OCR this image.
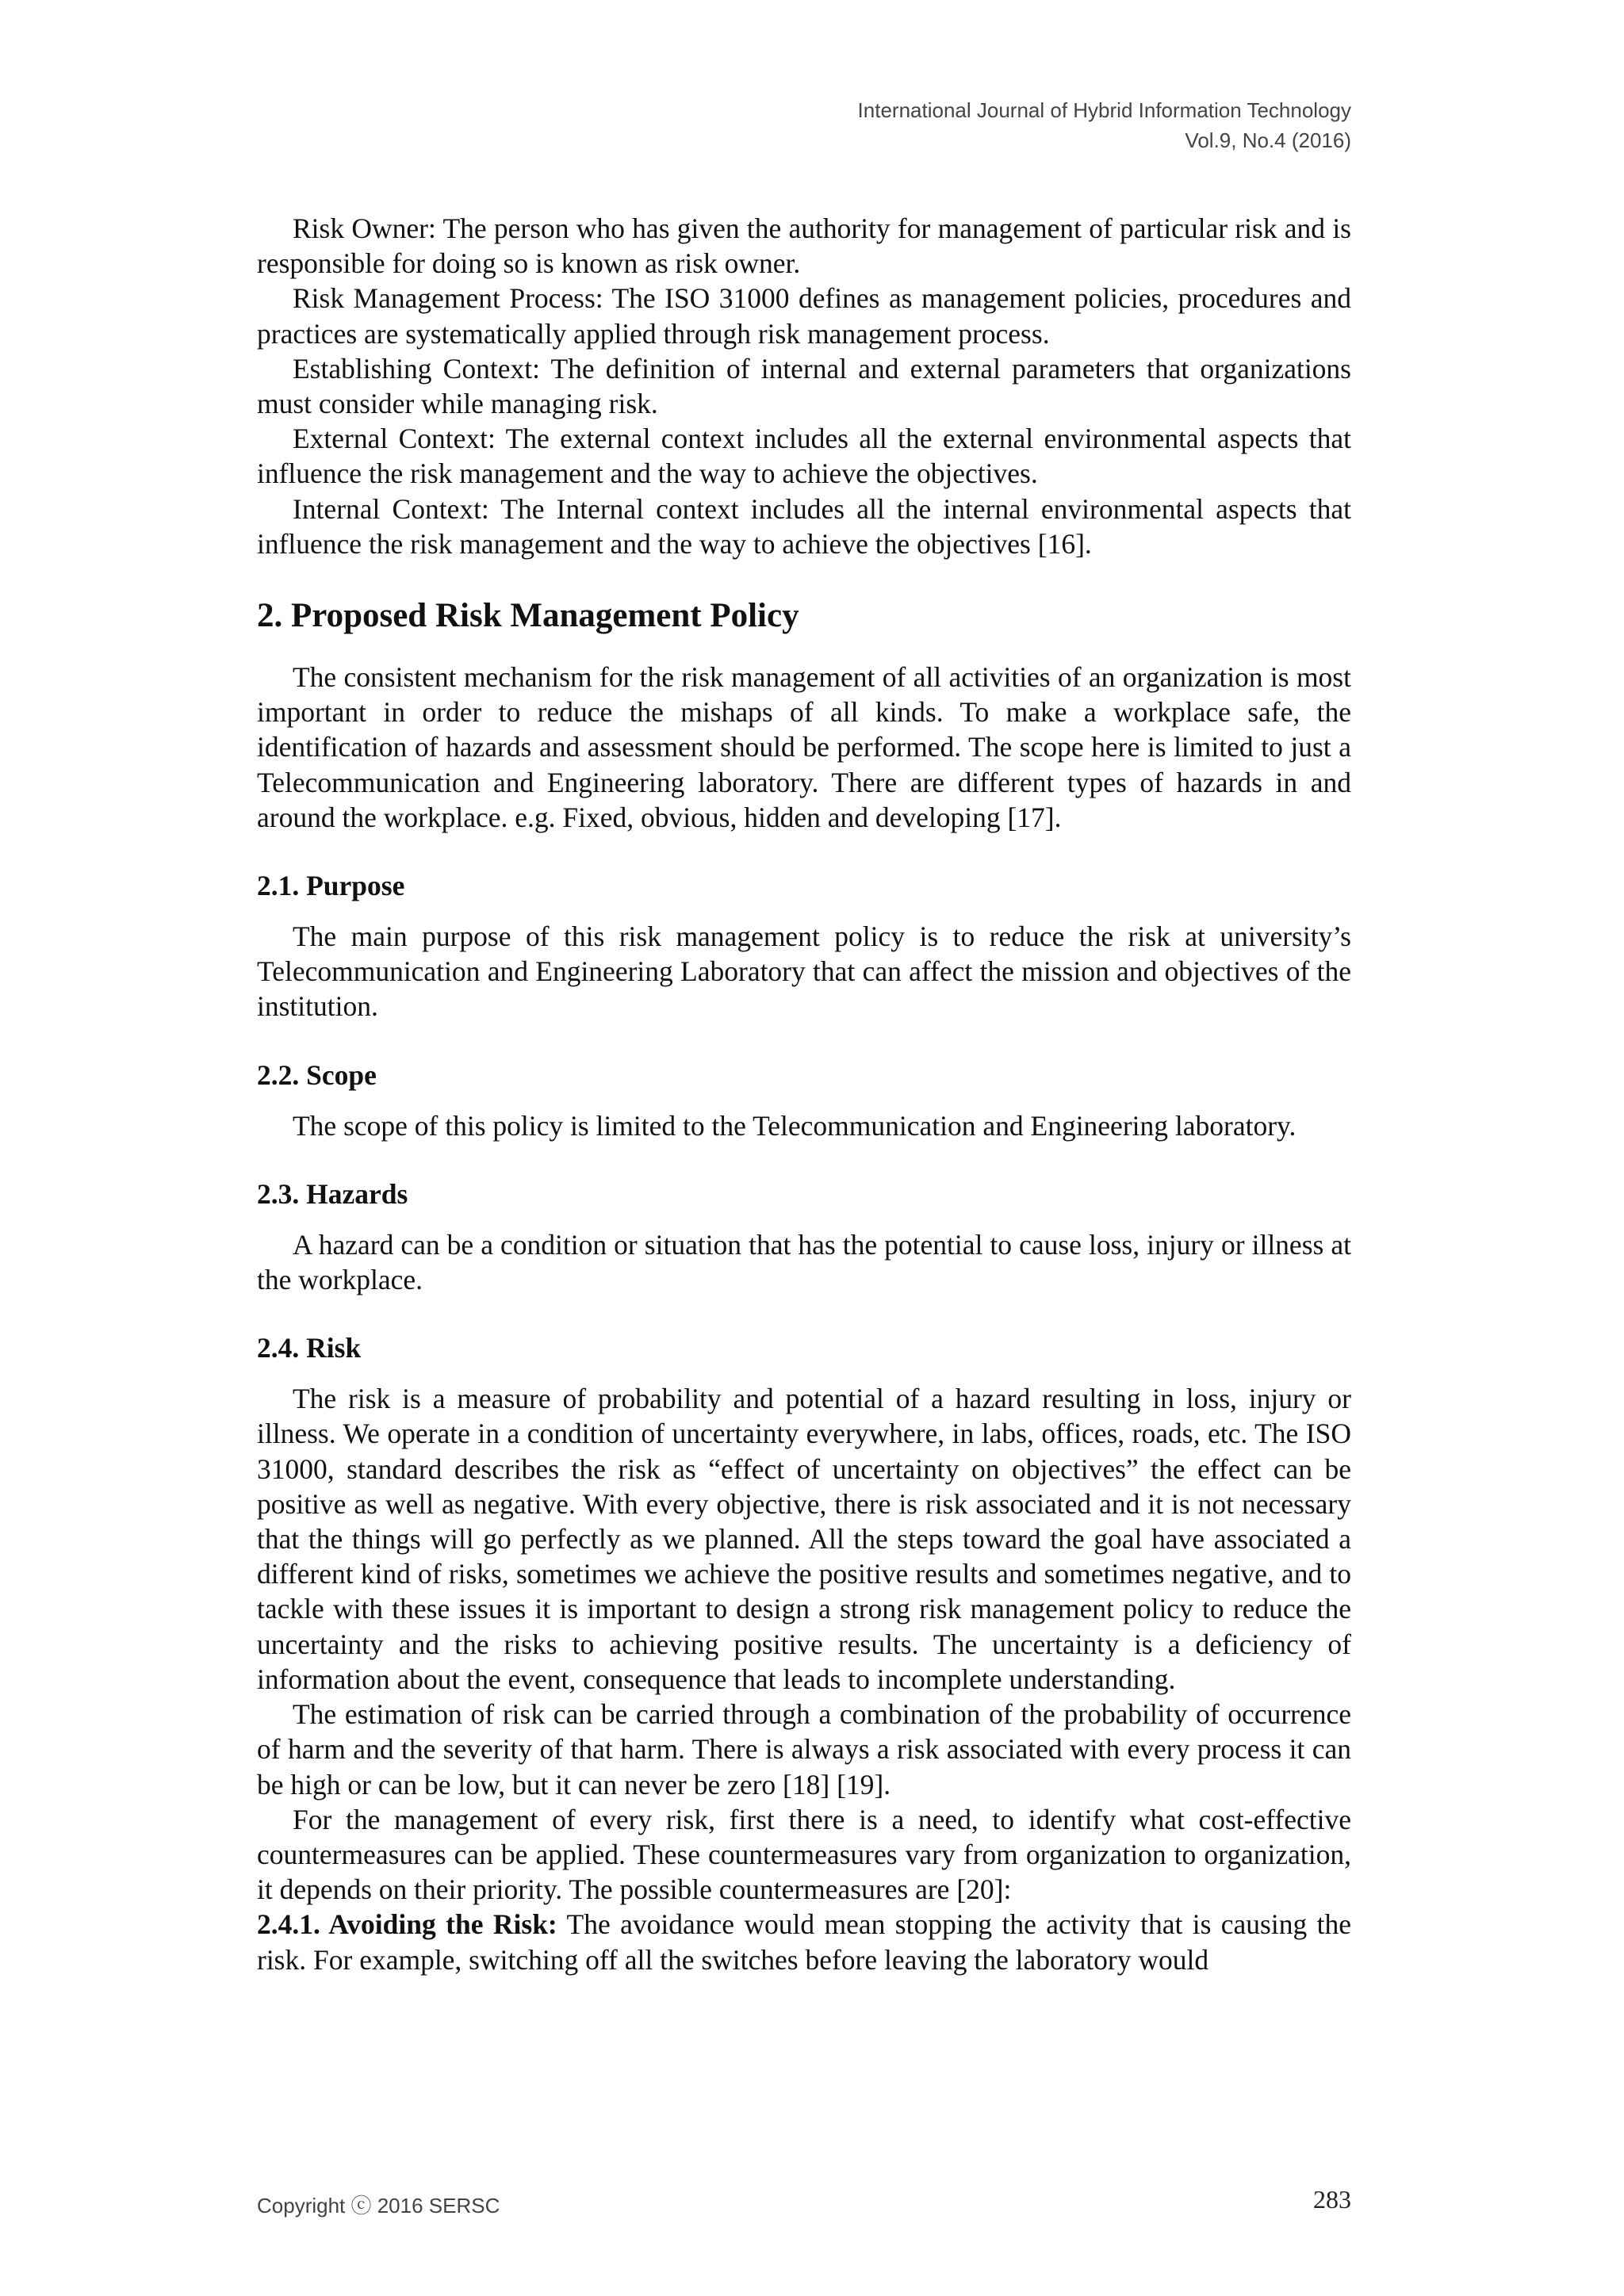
International Journal of Hybrid Information Technology
Vol.9, No.4 (2016)

Risk Owner: The person who has given the authority for management of particular risk and is responsible for doing so is known as risk owner.

Risk Management Process: The ISO 31000 defines as management policies, procedures and practices are systematically applied through risk management process.

Establishing Context: The definition of internal and external parameters that organizations must consider while managing risk.

External Context: The external context includes all the external environmental aspects that influence the risk management and the way to achieve the objectives.

Internal Context: The Internal context includes all the internal environmental aspects that influence the risk management and the way to achieve the objectives [16].

2. Proposed Risk Management Policy

The consistent mechanism for the risk management of all activities of an organization is most important in order to reduce the mishaps of all kinds. To make a workplace safe, the identification of hazards and assessment should be performed. The scope here is limited to just a Telecommunication and Engineering laboratory. There are different types of hazards in and around the workplace. e.g. Fixed, obvious, hidden and developing [17].

2.1. Purpose

The main purpose of this risk management policy is to reduce the risk at university’s Telecommunication and Engineering Laboratory that can affect the mission and objectives of the institution.

2.2. Scope

The scope of this policy is limited to the Telecommunication and Engineering laboratory.

2.3. Hazards

A hazard can be a condition or situation that has the potential to cause loss, injury or illness at the workplace.

2.4. Risk

The risk is a measure of probability and potential of a hazard resulting in loss, injury or illness. We operate in a condition of uncertainty everywhere, in labs, offices, roads, etc. The ISO 31000, standard describes the risk as “effect of uncertainty on objectives” the effect can be positive as well as negative. With every objective, there is risk associated and it is not necessary that the things will go perfectly as we planned. All the steps toward the goal have associated a different kind of risks, sometimes we achieve the positive results and sometimes negative, and to tackle with these issues it is important to design a strong risk management policy to reduce the uncertainty and the risks to achieving positive results. The uncertainty is a deficiency of information about the event, consequence that leads to incomplete understanding.

The estimation of risk can be carried through a combination of the probability of occurrence of harm and the severity of that harm. There is always a risk associated with every process it can be high or can be low, but it can never be zero [18] [19].

For the management of every risk, first there is a need, to identify what cost-effective countermeasures can be applied. These countermeasures vary from organization to organization, it depends on their priority. The possible countermeasures are [20]:

2.4.1. Avoiding the Risk: The avoidance would mean stopping the activity that is causing the risk. For example, switching off all the switches before leaving the laboratory would

Copyright ⓒ 2016 SERSC	283
